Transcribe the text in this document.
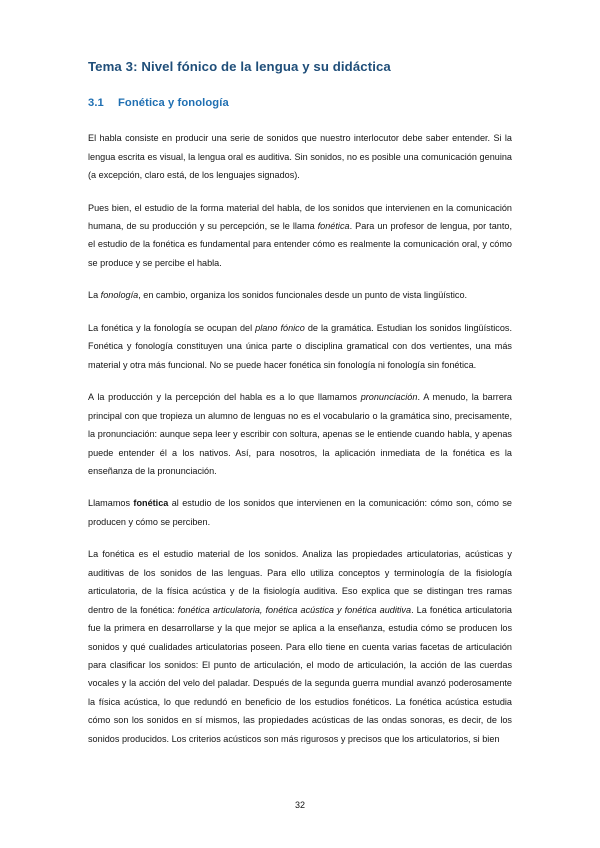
Tema 3: Nivel fónico de la lengua y su didáctica
3.1 Fonética y fonología

El habla consiste en producir una serie de sonidos que nuestro interlocutor debe saber entender. Si la lengua escrita es visual, la lengua oral es auditiva. Sin sonidos, no es posible una comunicación genuina (a excepción, claro está, de los lenguajes signados).

Pues bien, el estudio de la forma material del habla, de los sonidos que intervienen en la comunicación humana, de su producción y su percepción, se le llama fonética. Para un profesor de lengua, por tanto, el estudio de la fonética es fundamental para entender cómo es realmente la comunicación oral, y cómo se produce y se percibe el habla.

La fonología, en cambio, organiza los sonidos funcionales desde un punto de vista lingüístico.

La fonética y la fonología se ocupan del plano fónico de la gramática. Estudian los sonidos lingüísticos. Fonética y fonología constituyen una única parte o disciplina gramatical con dos vertientes, una más material y otra más funcional. No se puede hacer fonética sin fonología ni fonología sin fonética.

A la producción y la percepción del habla es a lo que llamamos pronunciación. A menudo, la barrera principal con que tropieza un alumno de lenguas no es el vocabulario o la gramática sino, precisamente, la pronunciación: aunque sepa leer y escribir con soltura, apenas se le entiende cuando habla, y apenas puede entender él a los nativos. Así, para nosotros, la aplicación inmediata de la fonética es la enseñanza de la pronunciación.

Llamamos fonética al estudio de los sonidos que intervienen en la comunicación: cómo son, cómo se producen y cómo se perciben.

La fonética es el estudio material de los sonidos. Analiza las propiedades articulatorias, acústicas y auditivas de los sonidos de las lenguas. Para ello utiliza conceptos y terminología de la fisiología articulatoria, de la física acústica y de la fisiología auditiva. Eso explica que se distingan tres ramas dentro de la fonética: fonética articulatoria, fonética acústica y fonética auditiva. La fonética articulatoria fue la primera en desarrollarse y la que mejor se aplica a la enseñanza, estudia cómo se producen los sonidos y qué cualidades articulatorias poseen. Para ello tiene en cuenta varias facetas de articulación para clasificar los sonidos: El punto de articulación, el modo de articulación, la acción de las cuerdas vocales y la acción del velo del paladar. Después de la segunda guerra mundial avanzó poderosamente la física acústica, lo que redundó en beneficio de los estudios fonéticos. La fonética acústica estudia cómo son los sonidos en sí mismos, las propiedades acústicas de las ondas sonoras, es decir, de los sonidos producidos. Los criterios acústicos son más rigurosos y precisos que los articulatorios, si bien

32
